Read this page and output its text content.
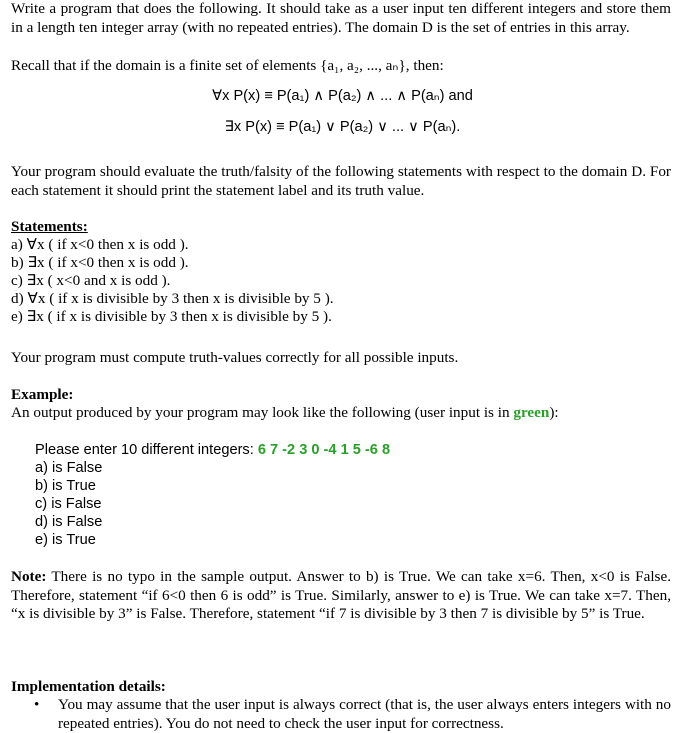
Write a program that does the following. It should take as a user input ten different integers and store them in a length ten integer array (with no repeated entries). The domain D is the set of entries in this array.
Recall that if the domain is a finite set of elements {a₁, a₂, ..., aₙ}, then:
∀x P(x) ≡ P(a₁) ∧ P(a₂) ∧ ... ∧ P(aₙ) and
∃x P(x) ≡ P(a₁) ∨ P(a₂) ∨ ... ∨ P(aₙ).
Your program should evaluate the truth/falsity of the following statements with respect to the domain D. For each statement it should print the statement label and its truth value.
Statements:
a) ∀x ( if x<0 then x is odd ).
b) ∃x ( if x<0 then x is odd ).
c) ∃x ( x<0 and x is odd ).
d) ∀x ( if x is divisible by 3 then x is divisible by 5 ).
e) ∃x ( if x is divisible by 3 then x is divisible by 5 ).
Your program must compute truth-values correctly for all possible inputs.
Example:
An output produced by your program may look like the following (user input is in green):
Please enter 10 different integers: 6 7 -2 3 0 -4 1 5 -6 8
a) is False
b) is True
c) is False
d) is False
e) is True
Note: There is no typo in the sample output. Answer to b) is True. We can take x=6. Then, x<0 is False. Therefore, statement “if 6<0 then 6 is odd” is True. Similarly, answer to e) is True. We can take x=7. Then, “x is divisible by 3” is False. Therefore, statement “if 7 is divisible by 3 then 7 is divisible by 5” is True.
Implementation details:
• You may assume that the user input is always correct (that is, the user always enters integers with no repeated entries). You do not need to check the user input for correctness.
